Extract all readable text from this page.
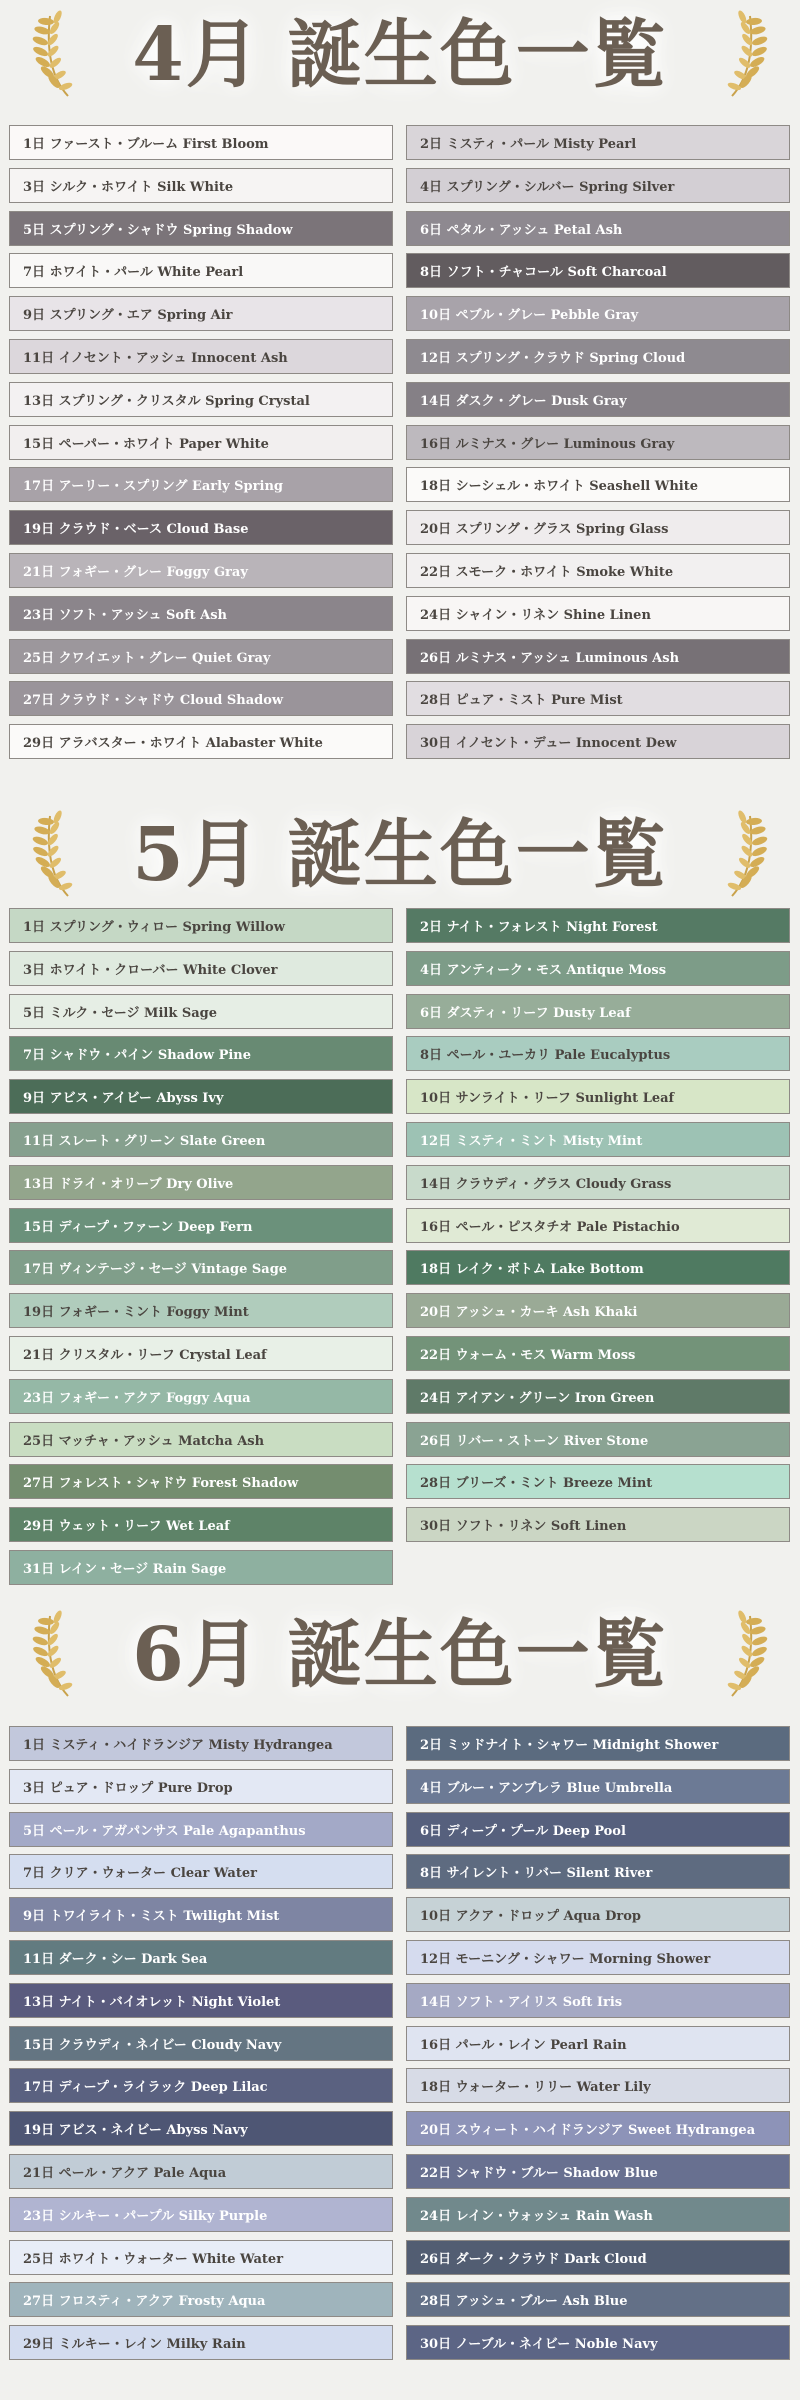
4月 誕生色一覧
1日 ファースト・ブルーム First Bloom	2日 ミスティ・パール Misty Pearl
3日 シルク・ホワイト Silk White	4日 スプリング・シルバー Spring Silver
5日 スプリング・シャドウ Spring Shadow	6日 ペタル・アッシュ Petal Ash
7日 ホワイト・パール White Pearl	8日 ソフト・チャコール Soft Charcoal
9日 スプリング・エア Spring Air	10日 ペブル・グレー Pebble Gray
11日 イノセント・アッシュ Innocent Ash	12日 スプリング・クラウド Spring Cloud
13日 スプリング・クリスタル Spring Crystal	14日 ダスク・グレー Dusk Gray
15日 ペーパー・ホワイト Paper White	16日 ルミナス・グレー Luminous Gray
17日 アーリー・スプリング Early Spring	18日 シーシェル・ホワイト Seashell White
19日 クラウド・ベース Cloud Base	20日 スプリング・グラス Spring Glass
21日 フォギー・グレー Foggy Gray	22日 スモーク・ホワイト Smoke White
23日 ソフト・アッシュ Soft Ash	24日 シャイン・リネン Shine Linen
25日 クワイエット・グレー Quiet Gray	26日 ルミナス・アッシュ Luminous Ash
27日 クラウド・シャドウ Cloud Shadow	28日 ピュア・ミスト Pure Mist
29日 アラバスター・ホワイト Alabaster White	30日 イノセント・デュー Innocent Dew
5月 誕生色一覧
1日 スプリング・ウィロー Spring Willow	2日 ナイト・フォレスト Night Forest
3日 ホワイト・クローバー White Clover	4日 アンティーク・モス Antique Moss
5日 ミルク・セージ Milk Sage	6日 ダスティ・リーフ Dusty Leaf
7日 シャドウ・パイン Shadow Pine	8日 ペール・ユーカリ Pale Eucalyptus
9日 アビス・アイビー Abyss Ivy	10日 サンライト・リーフ Sunlight Leaf
11日 スレート・グリーン Slate Green	12日 ミスティ・ミント Misty Mint
13日 ドライ・オリーブ Dry Olive	14日 クラウディ・グラス Cloudy Grass
15日 ディープ・ファーン Deep Fern	16日 ペール・ピスタチオ Pale Pistachio
17日 ヴィンテージ・セージ Vintage Sage	18日 レイク・ボトム Lake Bottom
19日 フォギー・ミント Foggy Mint	20日 アッシュ・カーキ Ash Khaki
21日 クリスタル・リーフ Crystal Leaf	22日 ウォーム・モス Warm Moss
23日 フォギー・アクア Foggy Aqua	24日 アイアン・グリーン Iron Green
25日 マッチャ・アッシュ Matcha Ash	26日 リバー・ストーン River Stone
27日 フォレスト・シャドウ Forest Shadow	28日 ブリーズ・ミント Breeze Mint
29日 ウェット・リーフ Wet Leaf	30日 ソフト・リネン Soft Linen
31日 レイン・セージ Rain Sage
6月 誕生色一覧
1日 ミスティ・ハイドランジア Misty Hydrangea	2日 ミッドナイト・シャワー Midnight Shower
3日 ピュア・ドロップ Pure Drop	4日 ブルー・アンブレラ Blue Umbrella
5日 ペール・アガパンサス Pale Agapanthus	6日 ディープ・プール Deep Pool
7日 クリア・ウォーター Clear Water	8日 サイレント・リバー Silent River
9日 トワイライト・ミスト Twilight Mist	10日 アクア・ドロップ Aqua Drop
11日 ダーク・シー Dark Sea	12日 モーニング・シャワー Morning Shower
13日 ナイト・バイオレット Night Violet	14日 ソフト・アイリス Soft Iris
15日 クラウディ・ネイビー Cloudy Navy	16日 パール・レイン Pearl Rain
17日 ディープ・ライラック Deep Lilac	18日 ウォーター・リリー Water Lily
19日 アビス・ネイビー Abyss Navy	20日 スウィート・ハイドランジア Sweet Hydrangea
21日 ペール・アクア Pale Aqua	22日 シャドウ・ブルー Shadow Blue
23日 シルキー・パープル Silky Purple	24日 レイン・ウォッシュ Rain Wash
25日 ホワイト・ウォーター White Water	26日 ダーク・クラウド Dark Cloud
27日 フロスティ・アクア Frosty Aqua	28日 アッシュ・ブルー Ash Blue
29日 ミルキー・レイン Milky Rain	30日 ノーブル・ネイビー Noble Navy
